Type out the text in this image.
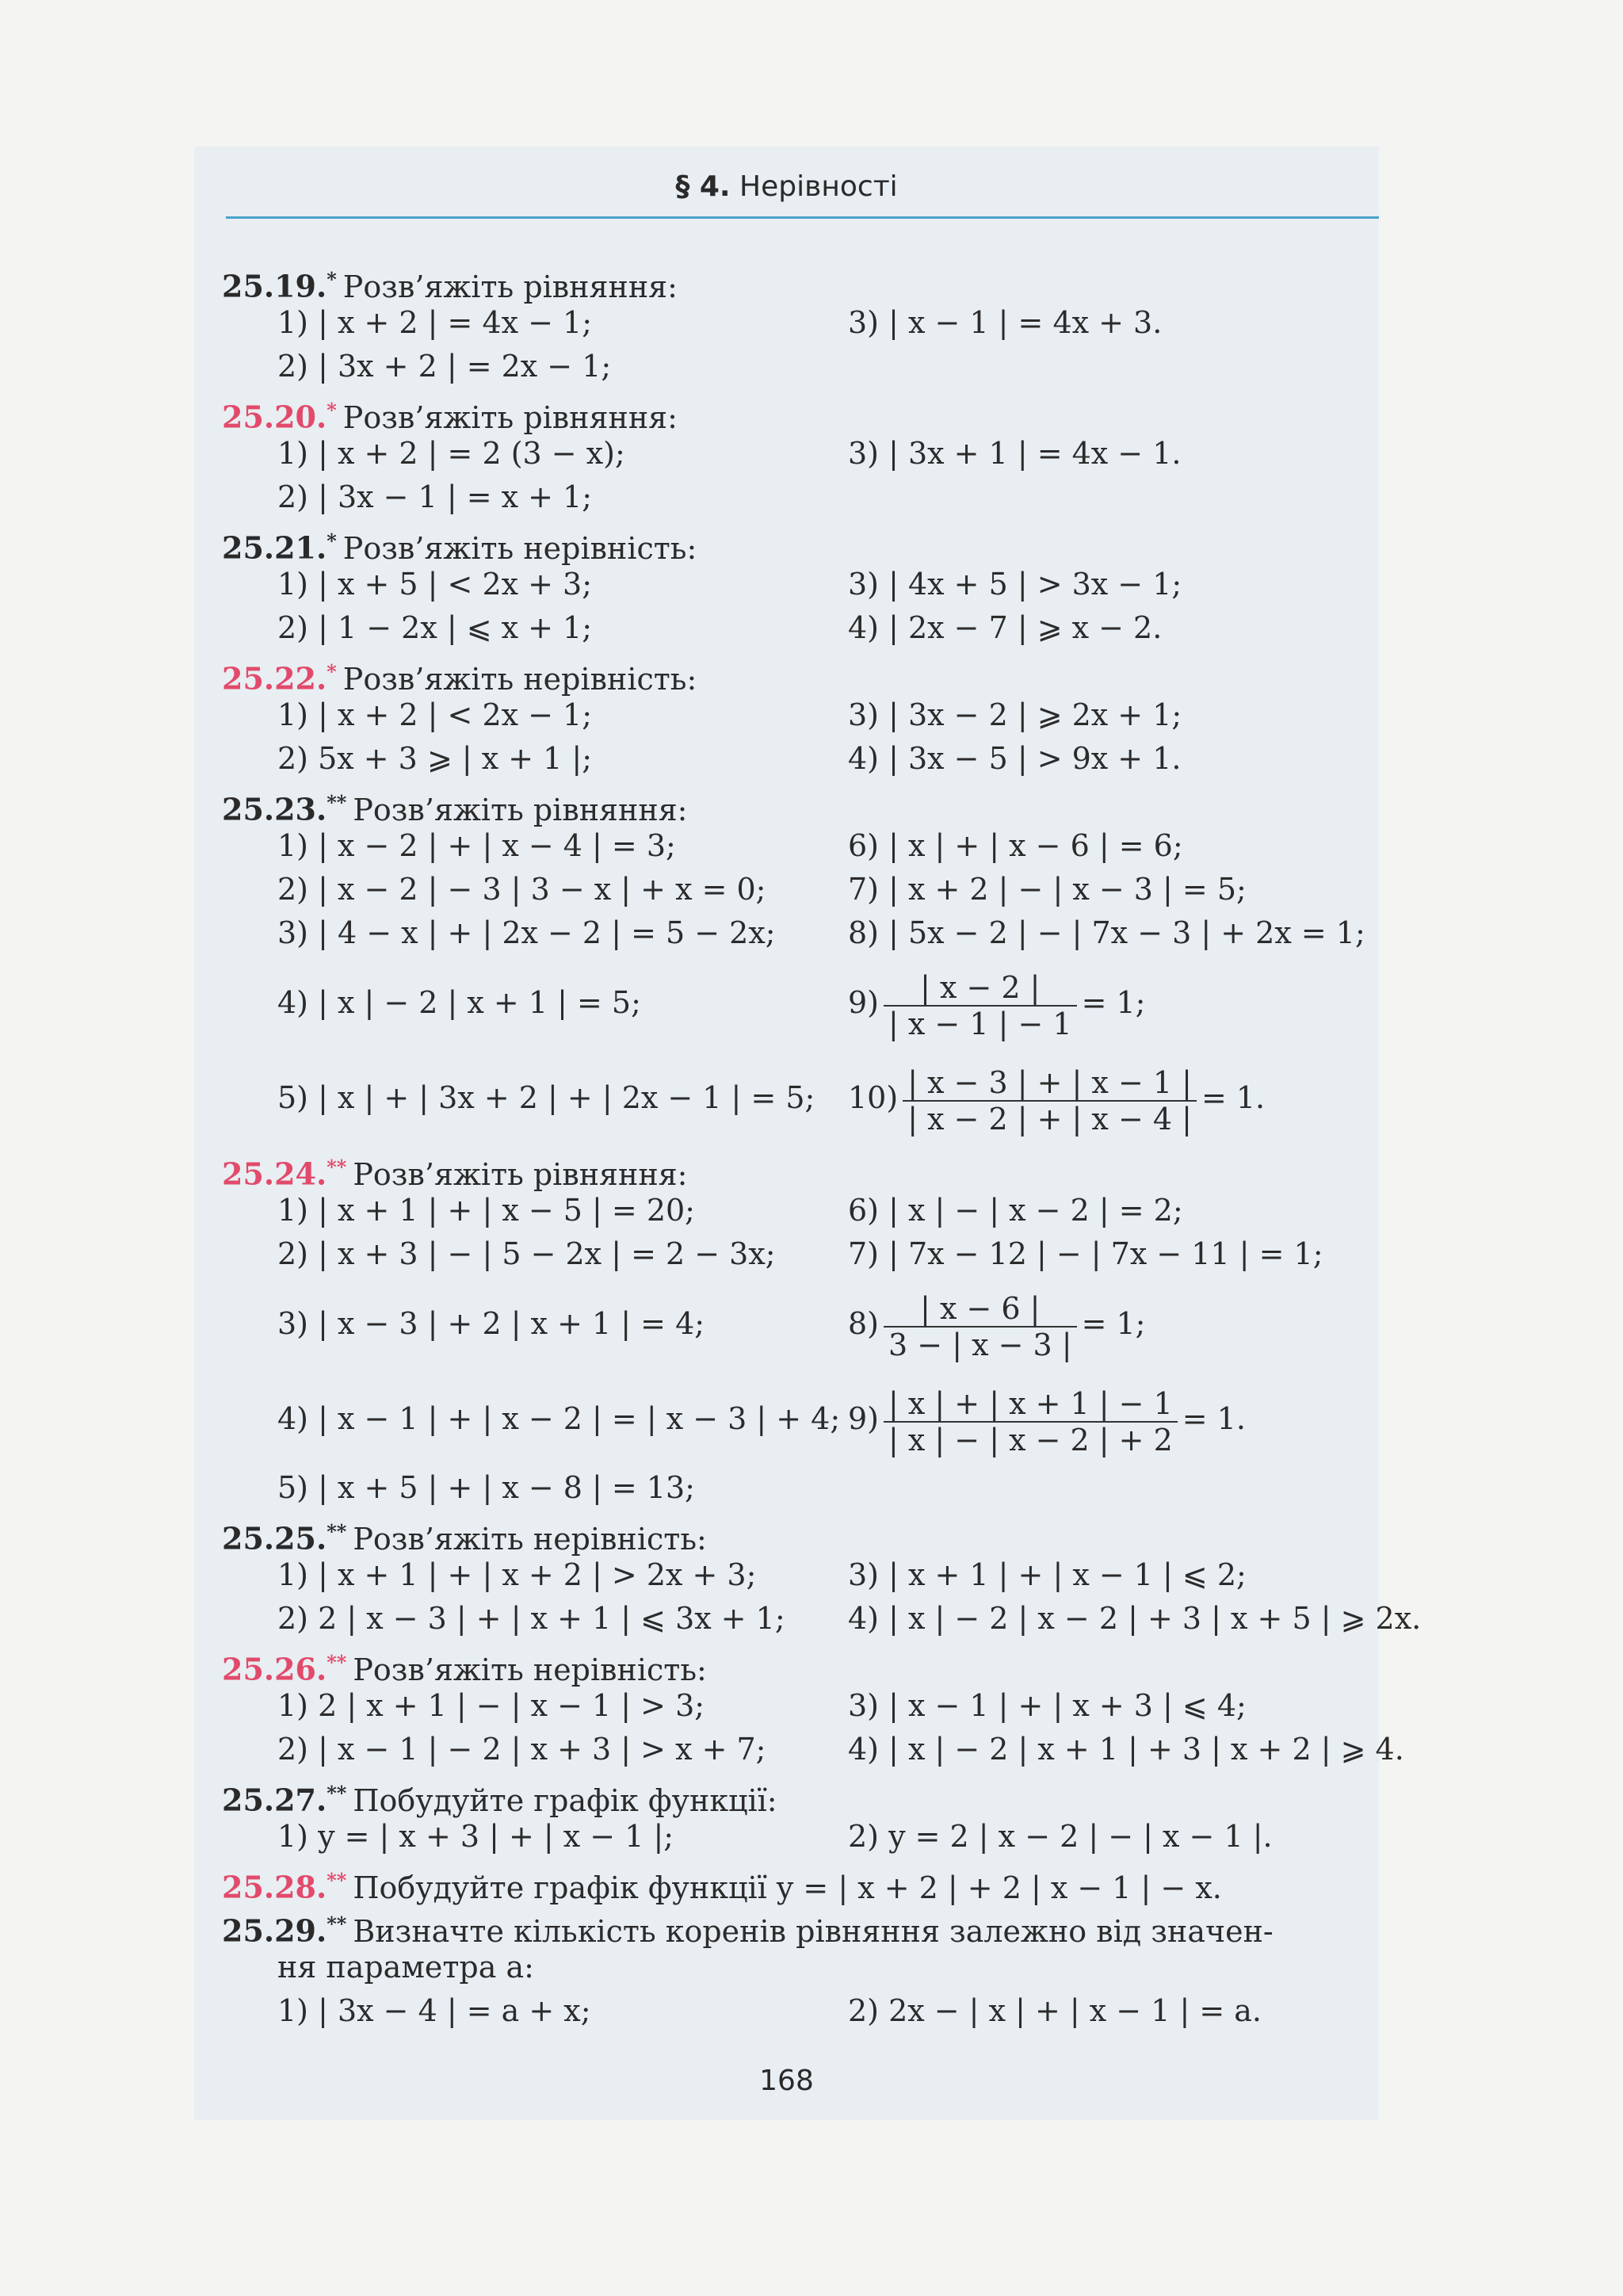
§ 4. Нерівності
25.19.* Розв’яжіть рівняння:
1) | x + 2 | = 4x − 1;	3) | x − 1 | = 4x + 3.
2) | 3x + 2 | = 2x − 1;
25.20.* Розв’яжіть рівняння:
1) | x + 2 | = 2 (3 − x);	3) | 3x + 1 | = 4x − 1.
2) | 3x − 1 | = x + 1;
25.21.* Розв’яжіть нерівність:
1) | x + 5 | < 2x + 3;	3) | 4x + 5 | > 3x − 1;
2) | 1 − 2x | ⩽ x + 1;	4) | 2x − 7 | ⩾ x − 2.
25.22.* Розв’яжіть нерівність:
1) | x + 2 | < 2x − 1;	3) | 3x − 2 | ⩾ 2x + 1;
2) 5x + 3 ⩾ | x + 1 |;	4) | 3x − 5 | > 9x + 1.
25.23.** Розв’яжіть рівняння:
1) | x − 2 | + | x − 4 | = 3;	6) | x | + | x − 6 | = 6;
2) | x − 2 | − 3 | 3 − x | + x = 0;	7) | x + 2 | − | x − 3 | = 5;
3) | 4 − x | + | 2x − 2 | = 5 − 2x; 8) | 5x − 2 | − | 7x − 3 | + 2x = 1;
4) | x | − 2 | x + 1 | = 5;	$9) \frac{| x - 2 |}{| x - 1 | - 1} = 1$;
5) | x | + | 3x + 2 | + | 2x − 1 | = 5; $10) \frac{| x - 3 | + | x - 1 |}{| x - 2 | + | x - 4 |} = 1$.
25.24.** Розв’яжіть рівняння:
1) | x + 1 | + | x − 5 | = 20;	6) | x | − | x − 2 | = 2;
2) | x + 3 | − | 5 − 2x | = 2 − 3x; 7) | 7x − 12 | − | 7x − 11 | = 1;
3) | x − 3 | + 2 | x + 1 | = 4;	$8) \frac{| x - 6 |}{3 - | x - 3 |} = 1$;
4) | x − 1 | + | x − 2 | = | x − 3 | + 4; $9) \frac{| x | + | x + 1 | - 1}{| x | - | x - 2 | + 2} = 1$.
5) | x + 5 | + | x − 8 | = 13;
25.25.** Розв’яжіть нерівність:
1) | x + 1 | + | x + 2 | > 2x + 3;	3) | x + 1 | + | x − 1 | ⩽ 2;
2) 2 | x − 3 | + | x + 1 | ⩽ 3x + 1; 4) | x | − 2 | x − 2 | + 3 | x + 5 | ⩾ 2x.
25.26.** Розв’яжіть нерівність:
1) 2 | x + 1 | − | x − 1 | > 3;	3) | x − 1 | + | x + 3 | ⩽ 4;
2) | x − 1 | − 2 | x + 3 | > x + 7;	4) | x | − 2 | x + 1 | + 3 | x + 2 | ⩾ 4.
25.27.** Побудуйте графік функції:
1) y = | x + 3 | + | x − 1 |;	2) y = 2 | x − 2 | − | x − 1 |.
25.28.** Побудуйте графік функції y = | x + 2 | + 2 | x − 1 | − x.
25.29.** Визначте кількість коренів рівняння залежно від значен-
ня параметра a:
1) | 3x − 4 | = a + x;	2) 2x − | x | + | x − 1 | = a.
168
